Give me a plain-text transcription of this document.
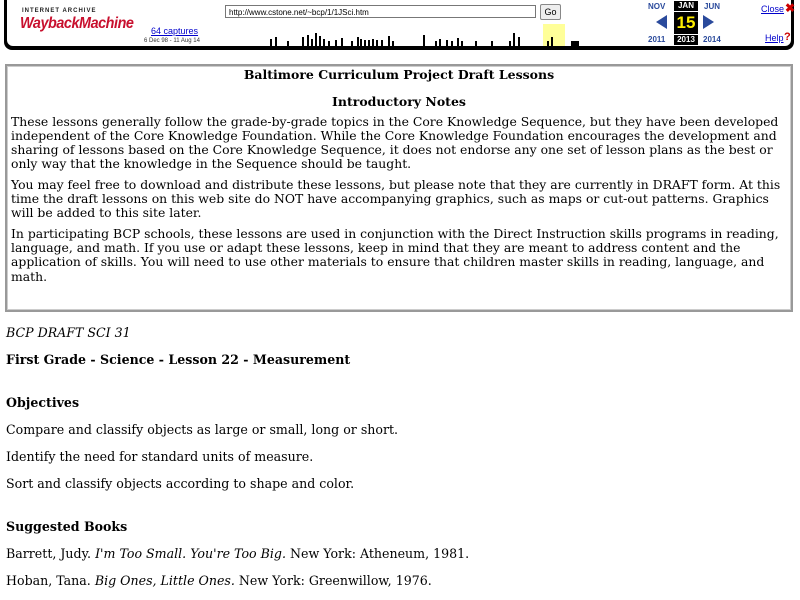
INTERNET ARCHIVE
WaybackMachine 64 captures
6 Dec 98 - 11 Aug 14
http://www.cstone.net/~bcp/1/1JSci.htm	Go
NOV	JAN	JUN
15
2011	2013	2014
Close ✖
Help ?
Baltimore Curriculum Project Draft Lessons
Introductory Notes

These lessons generally follow the grade-by-grade topics in the Core Knowledge Sequence, but they have been developed independent of the Core Knowledge Foundation. While the Core Knowledge Foundation encourages the development and sharing of lessons based on the Core Knowledge Sequence, it does not endorse any one set of lesson plans as the best or only way that the knowledge in the Sequence should be taught.

You may feel free to download and distribute these lessons, but please note that they are currently in DRAFT form. At this time the draft lessons on this web site do NOT have accompanying graphics, such as maps or cut-out patterns. Graphics will be added to this site later.

In participating BCP schools, these lessons are used in conjunction with the Direct Instruction skills programs in reading, language, and math. If you use or adapt these lessons, keep in mind that they are meant to address content and the application of skills. You will need to use other materials to ensure that children master skills in reading, language, and math.

BCP DRAFT SCI 31

First Grade - Science - Lesson 22 - Measurement

Objectives

Compare and classify objects as large or small, long or short.

Identify the need for standard units of measure.

Sort and classify objects according to shape and color.

Suggested Books

Barrett, Judy. I'm Too Small. You're Too Big. New York: Atheneum, 1981.

Hoban, Tana. Big Ones, Little Ones. New York: Greenwillow, 1976.
